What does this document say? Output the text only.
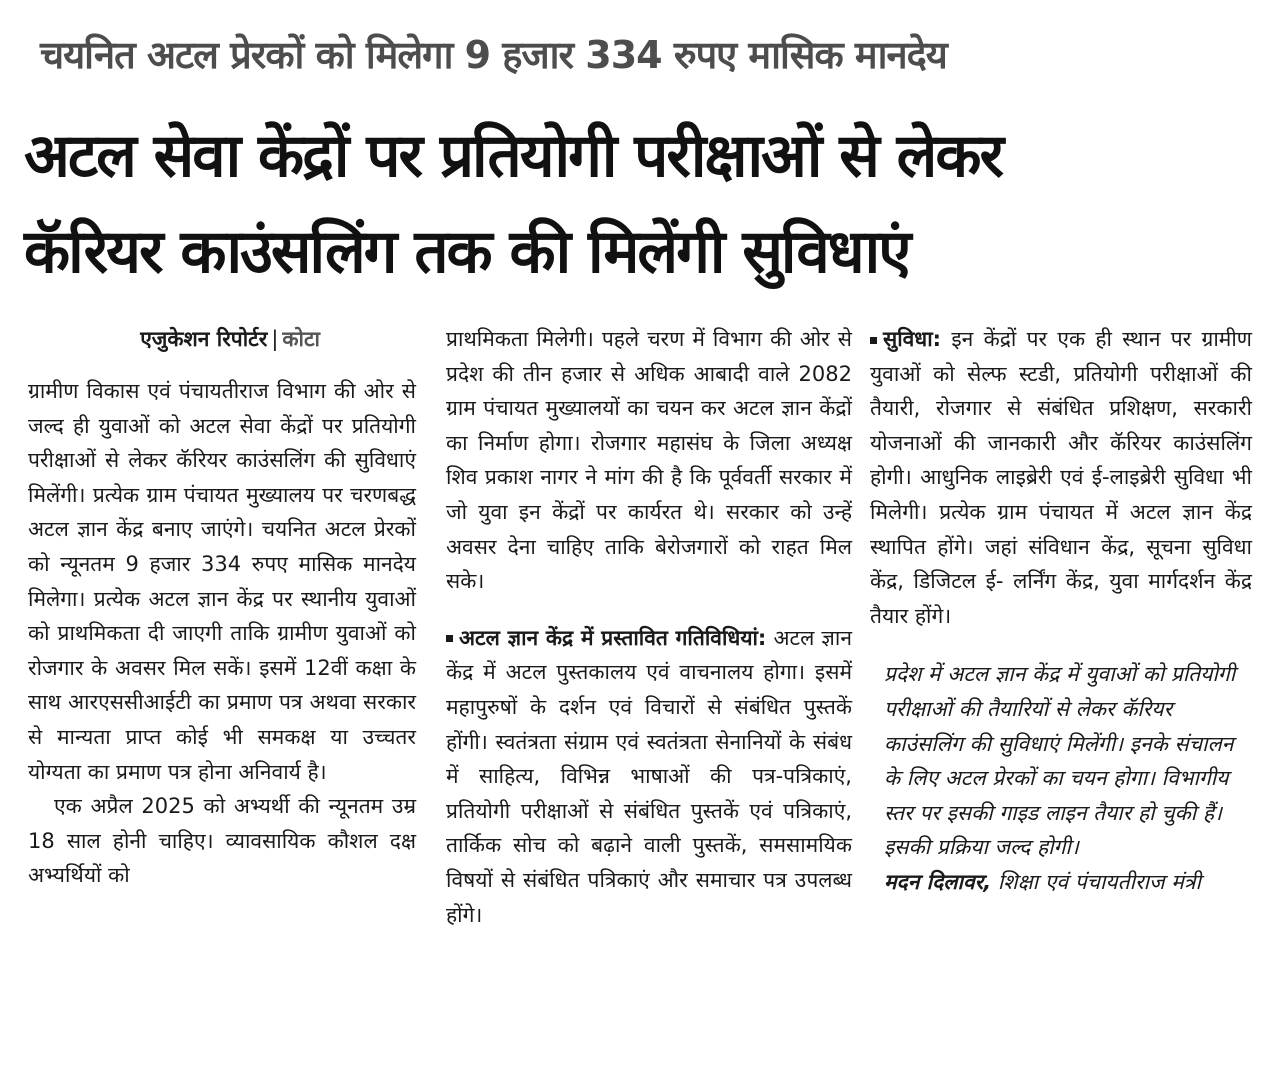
चयनित अटल प्रेरकों को मिलेगा 9 हजार 334 रुपए मासिक मानदेय
अटल सेवा केंद्रों पर प्रतियोगी परीक्षाओं से लेकर
कॅरियर काउंसलिंग तक की मिलेंगी सुविधाएं
एजुकेशन रिपोर्टर | कोटा

ग्रामीण विकास एवं पंचायतीराज विभाग की ओर से जल्द ही युवाओं को अटल सेवा केंद्रों पर प्रतियोगी परीक्षाओं से लेकर कॅरियर काउंसलिंग की सुविधाएं मिलेंगी। प्रत्येक ग्राम पंचायत मुख्यालय पर चरणबद्ध अटल ज्ञान केंद्र बनाए जाएंगे। चयनित अटल प्रेरकों को न्यूनतम 9 हजार 334 रुपए मासिक मानदेय मिलेगा। प्रत्येक अटल ज्ञान केंद्र पर स्थानीय युवाओं को प्राथमिकता दी जाएगी ताकि ग्रामीण युवाओं को रोजगार के अवसर मिल सकें। इसमें 12वीं कक्षा के साथ आरएससीआईटी का प्रमाण पत्र अथवा सरकार से मान्यता प्राप्त कोई भी समकक्ष या उच्चतर योग्यता का प्रमाण पत्र होना अनिवार्य है।

एक अप्रैल 2025 को अभ्यर्थी की न्यूनतम उम्र 18 साल होनी चाहिए। व्यावसायिक कौशल दक्ष अभ्यर्थियों को

प्राथमिकता मिलेगी। पहले चरण में विभाग की ओर से प्रदेश की तीन हजार से अधिक आबादी वाले 2082 ग्राम पंचायत मुख्यालयों का चयन कर अटल ज्ञान केंद्रों का निर्माण होगा। रोजगार महासंघ के जिला अध्यक्ष शिव प्रकाश नागर ने मांग की है कि पूर्ववर्ती सरकार में जो युवा इन केंद्रों पर कार्यरत थे। सरकार को उन्हें अवसर देना चाहिए ताकि बेरोजगारों को राहत मिल सके।

अटल ज्ञान केंद्र में प्रस्तावित गतिविधियां: अटल ज्ञान केंद्र में अटल पुस्तकालय एवं वाचनालय होगा। इसमें महापुरुषों के दर्शन एवं विचारों से संबंधित पुस्तकें होंगी। स्वतंत्रता संग्राम एवं स्वतंत्रता सेनानियों के संबंध में साहित्य, विभिन्न भाषाओं की पत्र-पत्रिकाएं, प्रतियोगी परीक्षाओं से संबंधित पुस्तकें एवं पत्रिकाएं, तार्किक सोच को बढ़ाने वाली पुस्तकें, समसामयिक विषयों से संबंधित पत्रिकाएं और समाचार पत्र उपलब्ध होंगे।

सुविधा: इन केंद्रों पर एक ही स्थान पर ग्रामीण युवाओं को सेल्फ स्टडी, प्रतियोगी परीक्षाओं की तैयारी, रोजगार से संबंधित प्रशिक्षण, सरकारी योजनाओं की जानकारी और कॅरियर काउंसलिंग होगी। आधुनिक लाइब्रेरी एवं ई-लाइब्रेरी सुविधा भी मिलेगी। प्रत्येक ग्राम पंचायत में अटल ज्ञान केंद्र स्थापित होंगे। जहां संविधान केंद्र, सूचना सुविधा केंद्र, डिजिटल ई- लर्निंग केंद्र, युवा मार्गदर्शन केंद्र तैयार होंगे।

प्रदेश में अटल ज्ञान केंद्र में युवाओं को प्रतियोगी परीक्षाओं की तैयारियों से लेकर कॅरियर काउंसलिंग की सुविधाएं मिलेंगी। इनके संचालन के लिए अटल प्रेरकों का चयन होगा। विभागीय स्तर पर इसकी गाइड लाइन तैयार हो चुकी हैं। इसकी प्रक्रिया जल्द होगी।
मदन दिलावर, शिक्षा एवं पंचायतीराज मंत्री
